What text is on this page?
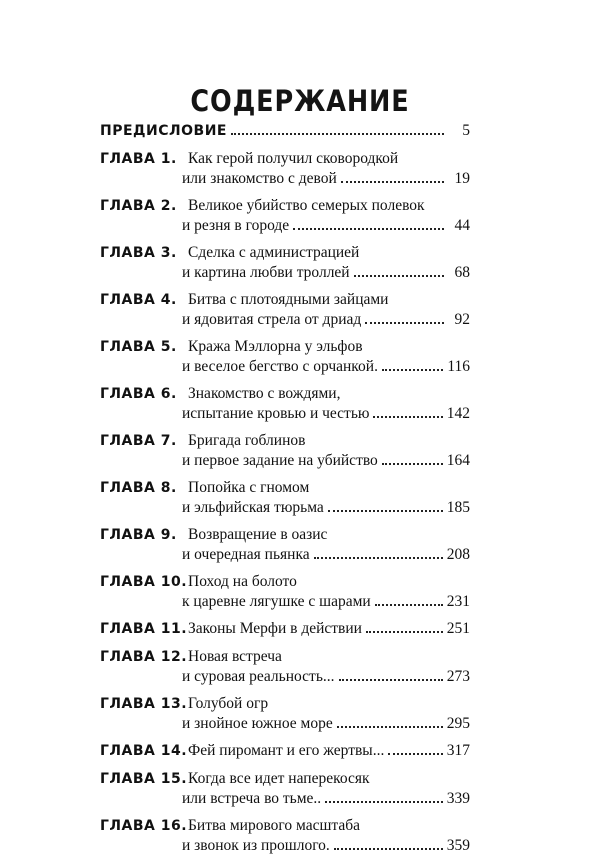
СОДЕРЖАНИЕ
ПРЕДИСЛОВИЕ	5
ГЛАВА 1. Как герой получил сковородкой
или знакомство с девой	19
ГЛАВА 2. Великое убийство семерых полевок
и резня в городе	44
ГЛАВА 3. Сделка с администрацией
и картина любви троллей	68
ГЛАВА 4. Битва с плотоядными зайцами
и ядовитая стрела от дриад	92
ГЛАВА 5. Кража Мэллорна у эльфов
и веселое бегство с орчанкой.	116
ГЛАВА 6. Знакомство с вождями,
испытание кровью и честью	142
ГЛАВА 7. Бригада гоблинов
и первое задание на убийство	164
ГЛАВА 8. Попойка с гномом
и эльфийская тюрьма	185
ГЛАВА 9. Возвращение в оазис
и очередная пьянка	208
ГЛАВА 10. Поход на болото
к царевне лягушке с шарами	231
ГЛАВА 11. Законы Мерфи в действии	251
ГЛАВА 12. Новая встреча
и суровая реальность...	273
ГЛАВА 13. Голубой огр
и знойное южное море	295
ГЛАВА 14. Фей пиромант и его жертвы...	317
ГЛАВА 15. Когда все идет наперекосяк
или встреча во тьме..	339
ГЛАВА 16. Битва мирового масштаба
и звонок из прошлого.	359
